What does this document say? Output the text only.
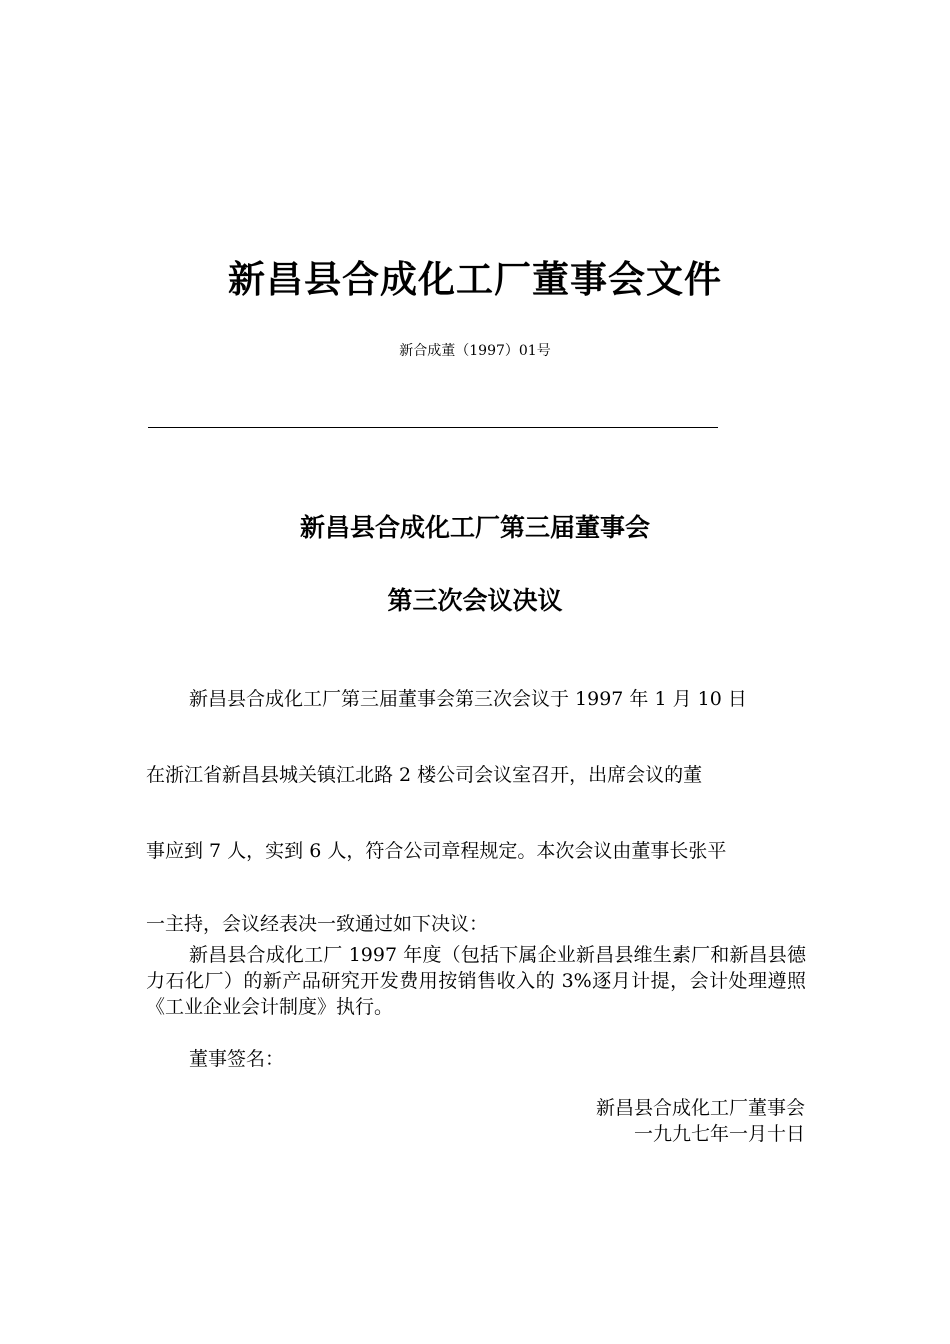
新昌县合成化工厂董事会文件
新合成董（1997）01号
新昌县合成化工厂第三届董事会
第三次会议决议
新昌县合成化工厂第三届董事会第三次会议于 1997 年 1 月 10 日
在浙江省新昌县城关镇江北路 2 楼公司会议室召开，出席会议的董
事应到 7 人，实到 6 人，符合公司章程规定。本次会议由董事长张平
一主持，会议经表决一致通过如下决议：
新昌县合成化工厂 1997 年度（包括下属企业新昌县维生素厂和新昌县德力石化厂）的新产品研究开发费用按销售收入的 3%逐月计提，会计处理遵照《工业企业会计制度》执行。
董事签名：
新昌县合成化工厂董事会
一九九七年一月十日
